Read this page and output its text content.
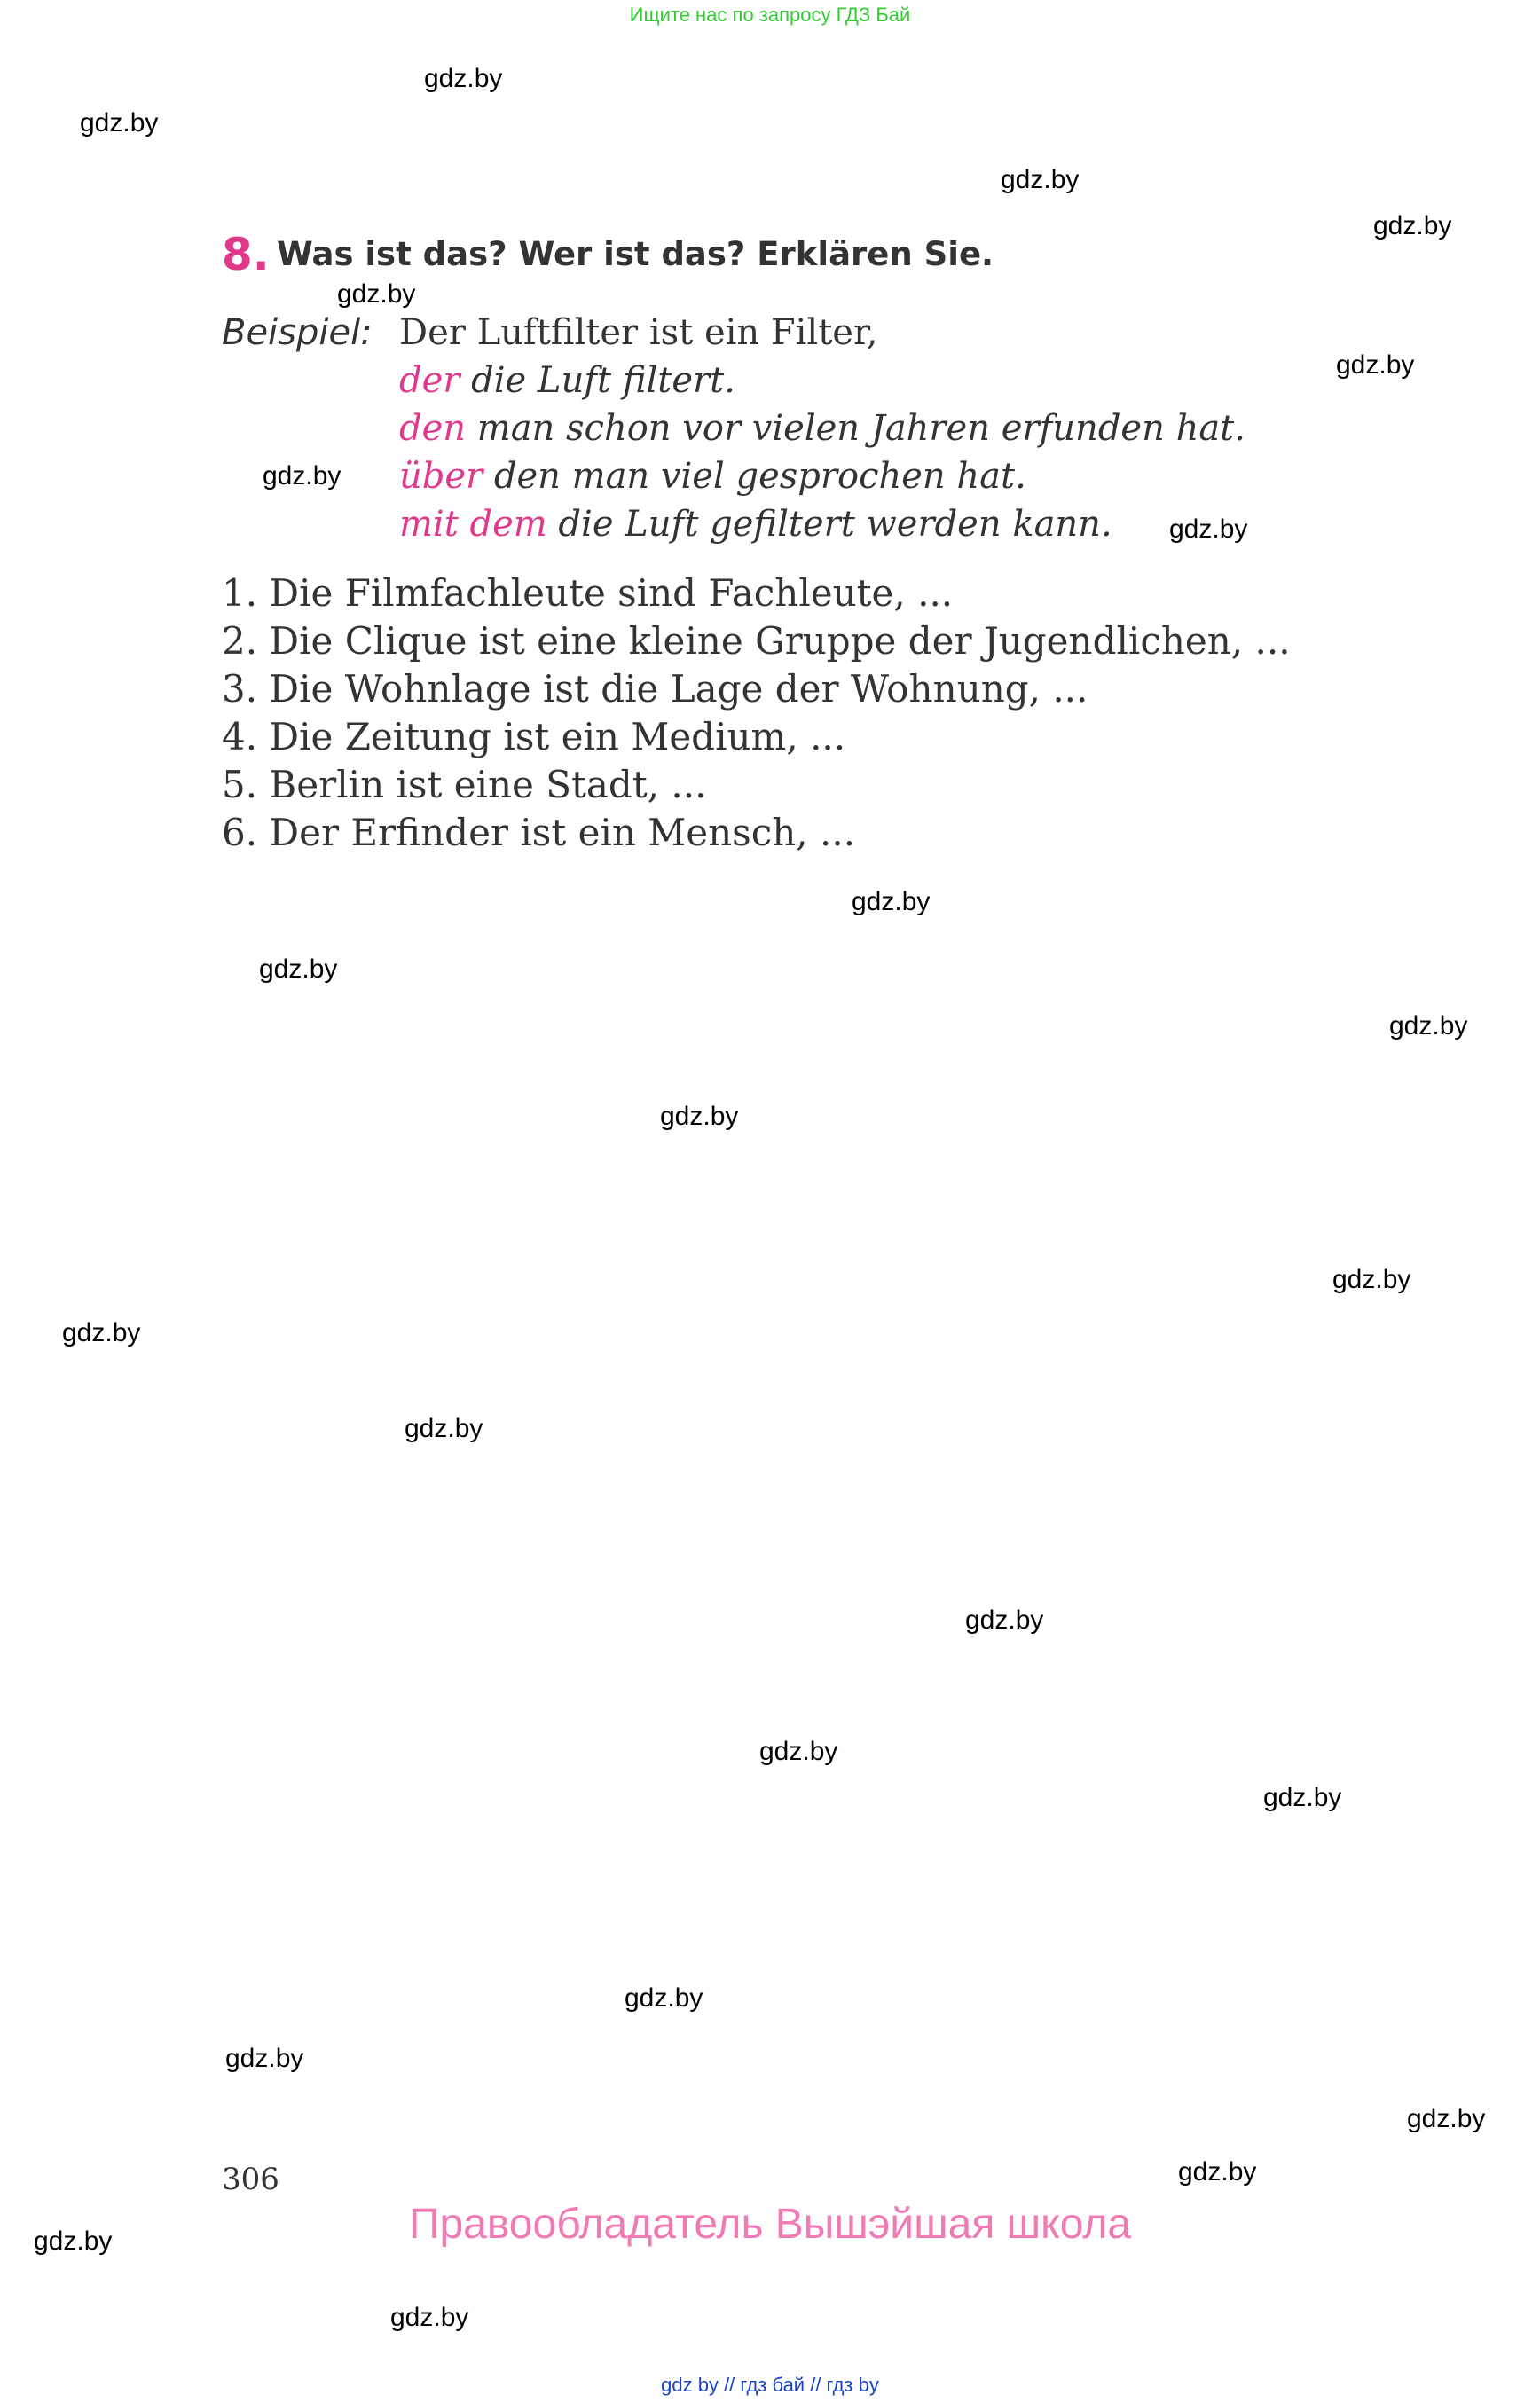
Ищите нас по запросу ГДЗ Бай
gdz.by
gdz.by
gdz.by
gdz.by
gdz.by
gdz.by
gdz.by
gdz.by
gdz.by
gdz.by
gdz.by
gdz.by
gdz.by
gdz.by
gdz.by
gdz.by
gdz.by
gdz.by
gdz.by
gdz.by
gdz.by
gdz.by
gdz.by
gdz.by
8. Was ist das? Wer ist das? Erklären Sie.
Beispiel: Der Luftfilter ist ein Filter,
der die Luft filtert.
den man schon vor vielen Jahren erfunden hat.
über den man viel gesprochen hat.
mit dem die Luft gefiltert werden kann.
1. Die Filmfachleute sind Fachleute, ...
2. Die Clique ist eine kleine Gruppe der Jugendlichen, ...
3. Die Wohnlage ist die Lage der Wohnung, ...
4. Die Zeitung ist ein Medium, ...
5. Berlin ist eine Stadt, ...
6. Der Erfinder ist ein Mensch, ...
306
Правообладатель Вышэйшая школа
gdz by // гдз бай // гдз by
